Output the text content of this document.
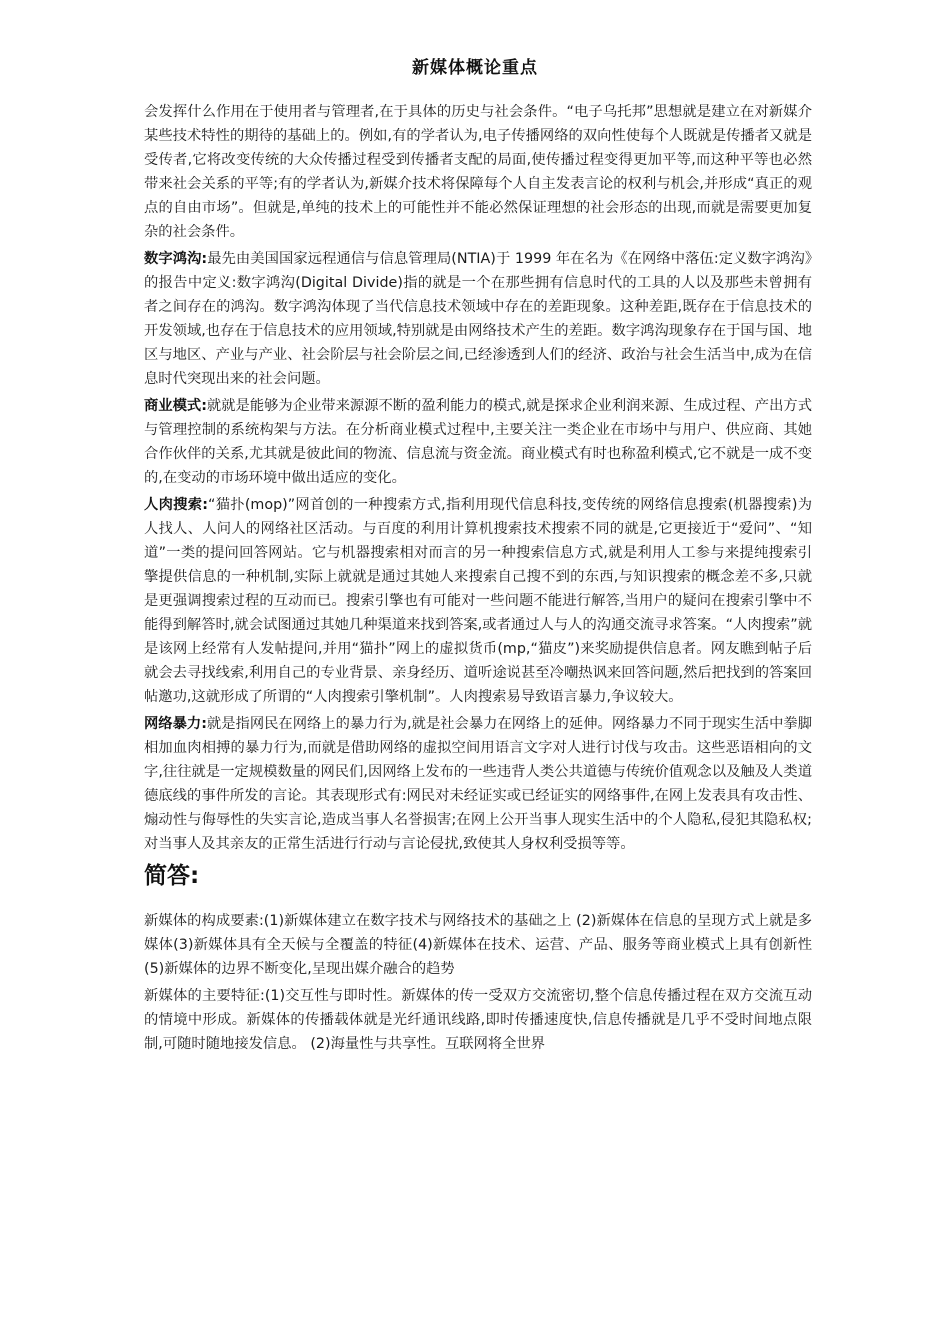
新媒体概论重点

会发挥什么作用在于使用者与管理者,在于具体的历史与社会条件。“电子乌托邦”思想就是建立在对新媒介某些技术特性的期待的基础上的。例如,有的学者认为,电子传播网络的双向性使每个人既就是传播者又就是受传者,它将改变传统的大众传播过程受到传播者支配的局面,使传播过程变得更加平等,而这种平等也必然带来社会关系的平等;有的学者认为,新媒介技术将保障每个人自主发表言论的权利与机会,并形成“真正的观点的自由市场”。但就是,单纯的技术上的可能性并不能必然保证理想的社会形态的出现,而就是需要更加复杂的社会条件。

数字鸿沟:最先由美国国家远程通信与信息管理局(NTIA)于 1999 年在名为《在网络中落伍:定义数字鸿沟》的报告中定义:数字鸿沟(Digital Divide)指的就是一个在那些拥有信息时代的工具的人以及那些未曾拥有者之间存在的鸿沟。数字鸿沟体现了当代信息技术领域中存在的差距现象。这种差距,既存在于信息技术的开发领域,也存在于信息技术的应用领域,特别就是由网络技术产生的差距。数字鸿沟现象存在于国与国、地区与地区、产业与产业、社会阶层与社会阶层之间,已经渗透到人们的经济、政治与社会生活当中,成为在信息时代突现出来的社会问题。

商业模式:就就是能够为企业带来源源不断的盈利能力的模式,就是探求企业利润来源、生成过程、产出方式与管理控制的系统构架与方法。在分析商业模式过程中,主要关注一类企业在市场中与用户、供应商、其她合作伙伴的关系,尤其就是彼此间的物流、信息流与资金流。商业模式有时也称盈利模式,它不就是一成不变的,在变动的市场环境中做出适应的变化。

人肉搜索:“猫扑(mop)”网首创的一种搜索方式,指利用现代信息科技,变传统的网络信息搜索(机器搜索)为人找人、人问人的网络社区活动。与百度的利用计算机搜索技术搜索不同的就是,它更接近于“爱问”、“知道”一类的提问回答网站。它与机器搜索相对而言的另一种搜索信息方式,就是利用人工参与来提纯搜索引擎提供信息的一种机制,实际上就就是通过其她人来搜索自己搜不到的东西,与知识搜索的概念差不多,只就是更强调搜索过程的互动而已。搜索引擎也有可能对一些问题不能进行解答,当用户的疑问在搜索引擎中不能得到解答时,就会试图通过其她几种渠道来找到答案,或者通过人与人的沟通交流寻求答案。“人肉搜索”就是该网上经常有人发帖提问,并用“猫扑”网上的虚拟货币(mp,“猫皮”)来奖励提供信息者。网友瞧到帖子后就会去寻找线索,利用自己的专业背景、亲身经历、道听途说甚至冷嘲热讽来回答问题,然后把找到的答案回帖邀功,这就形成了所谓的“人肉搜索引擎机制”。人肉搜索易导致语言暴力,争议较大。

网络暴力:就是指网民在网络上的暴力行为,就是社会暴力在网络上的延伸。网络暴力不同于现实生活中拳脚相加血肉相搏的暴力行为,而就是借助网络的虚拟空间用语言文字对人进行讨伐与攻击。这些恶语相向的文字,往往就是一定规模数量的网民们,因网络上发布的一些违背人类公共道德与传统价值观念以及触及人类道德底线的事件所发的言论。其表现形式有:网民对未经证实或已经证实的网络事件,在网上发表具有攻击性、煽动性与侮辱性的失实言论,造成当事人名誉损害;在网上公开当事人现实生活中的个人隐私,侵犯其隐私权;对当事人及其亲友的正常生活进行行动与言论侵扰,致使其人身权利受损等等。

简答:

新媒体的构成要素:(1)新媒体建立在数字技术与网络技术的基础之上 (2)新媒体在信息的呈现方式上就是多媒体(3)新媒体具有全天候与全覆盖的特征(4)新媒体在技术、运营、产品、服务等商业模式上具有创新性(5)新媒体的边界不断变化,呈现出媒介融合的趋势

新媒体的主要特征:(1)交互性与即时性。新媒体的传一受双方交流密切,整个信息传播过程在双方交流互动的情境中形成。新媒体的传播载体就是光纤通讯线路,即时传播速度快,信息传播就是几乎不受时间地点限制,可随时随地接发信息。 (2)海量性与共享性。互联网将全世界
